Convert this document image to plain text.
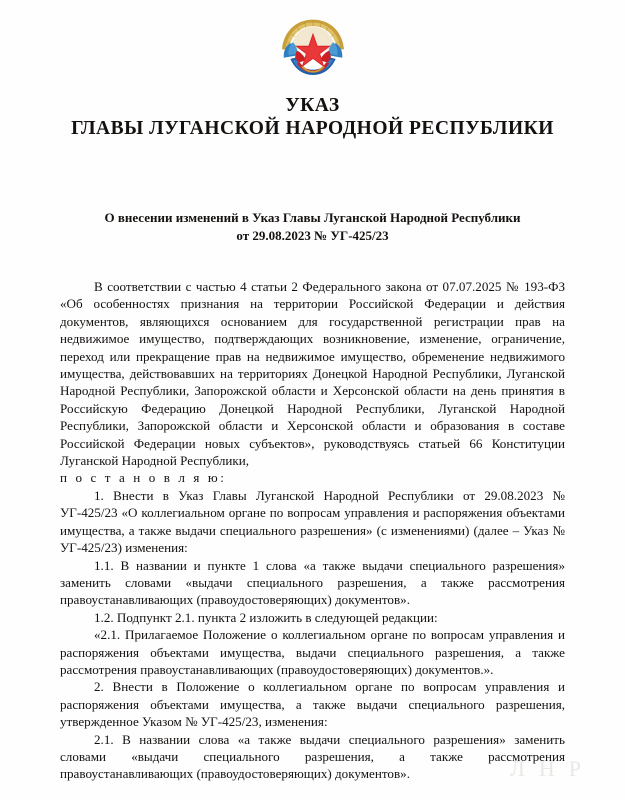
УКАЗ
ГЛАВЫ ЛУГАНСКОЙ НАРОДНОЙ РЕСПУБЛИКИ
О внесении изменений в Указ Главы Луганской Народной Республики
от 29.08.2023 № УГ-425/23

В соответствии с частью 4 статьи 2 Федерального закона от 07.07.2025 № 193-ФЗ «Об особенностях признания на территории Российской Федерации и действия документов, являющихся основанием для государственной регистрации прав на недвижимое имущество, подтверждающих возникновение, изменение, ограничение, переход или прекращение прав на недвижимое имущество, обременение недвижимого имущества, действовавших на территориях Донецкой Народной Республики, Луганской Народной Республики, Запорожской области и Херсонской области на день принятия в Российскую Федерацию Донецкой Народной Республики, Луганской Народной Республики, Запорожской области и Херсонской области и образования в составе Российской Федерации новых субъектов», руководствуясь статьей 66 Конституции Луганской Народной Республики,

п о с т а н о в л я ю:

1. Внести в Указ Главы Луганской Народной Республики от 29.08.2023 № УГ-425/23 «О коллегиальном органе по вопросам управления и распоряжения объектами имущества, а также выдачи специального разрешения» (с изменениями) (далее – Указ № УГ-425/23) изменения:

1.1. В названии и пункте 1 слова «а также выдачи специального разрешения» заменить словами «выдачи специального разрешения, а также рассмотрения правоустанавливающих (правоудостоверяющих) документов».

1.2. Подпункт 2.1. пункта 2 изложить в следующей редакции:

«2.1. Прилагаемое Положение о коллегиальном органе по вопросам управления и распоряжения объектами имущества, выдачи специального разрешения, а также рассмотрения правоустанавливающих (правоудостоверяющих) документов.».

2. Внести в Положение о коллегиальном органе по вопросам управления и распоряжения объектами имущества, а также выдачи специального разрешения, утвержденное Указом № УГ-425/23, изменения:

2.1. В названии слова «а также выдачи специального разрешения» заменить словами «выдачи специального разрешения, а также рассмотрения правоустанавливающих (правоудостоверяющих) документов».	ЛНР
